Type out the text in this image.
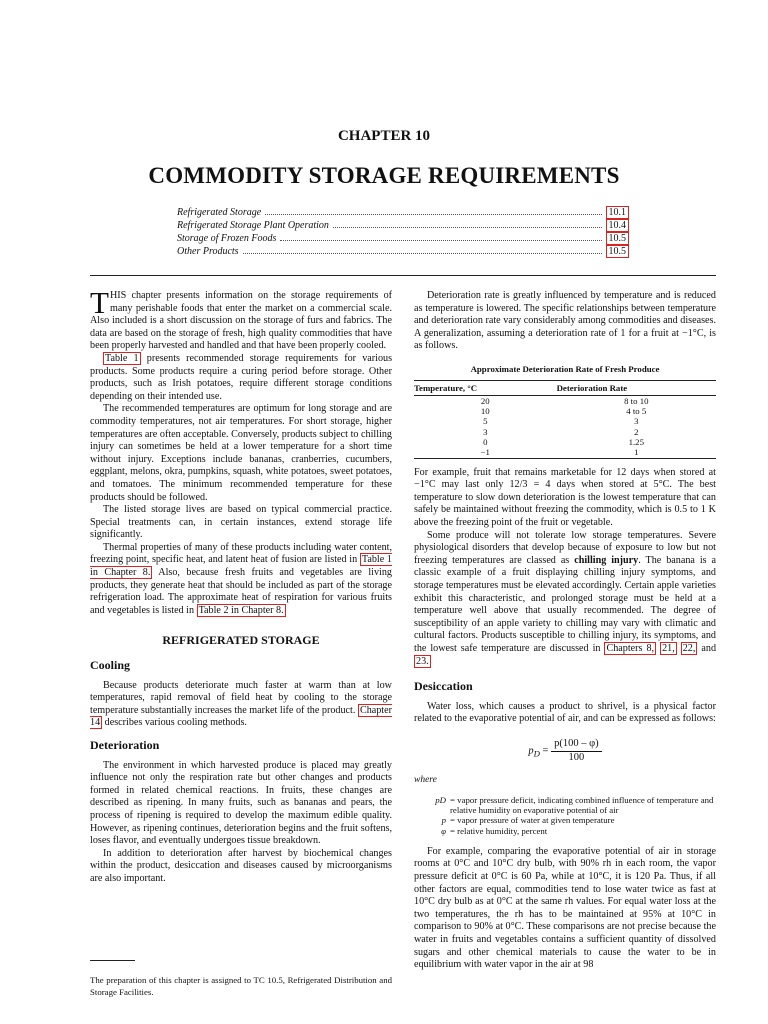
CHAPTER 10
COMMODITY STORAGE REQUIREMENTS
Refrigerated Storage	10.1
Refrigerated Storage Plant Operation	10.4
Storage of Frozen Foods	10.5
Other Products	10.5

THIS chapter presents information on the storage requirements of many perishable foods that enter the market on a commercial scale. Also included is a short discussion on the storage of furs and fabrics. The data are based on the storage of fresh, high quality commodities that have been properly harvested and handled and that have been properly cooled.

Table 1 presents recommended storage requirements for various products. Some products require a curing period before storage. Other products, such as Irish potatoes, require different storage conditions depending on their intended use.

The recommended temperatures are optimum for long storage and are commodity temperatures, not air temperatures. For short storage, higher temperatures are often acceptable. Conversely, products subject to chilling injury can sometimes be held at a lower temperature for a short time without injury. Exceptions include bananas, cranberries, cucumbers, eggplant, melons, okra, pumpkins, squash, white potatoes, sweet potatoes, and tomatoes. The minimum recommended temperature for these products should be followed.

The listed storage lives are based on typical commercial practice. Special treatments can, in certain instances, extend storage life significantly.

Thermal properties of many of these products including water content, freezing point, specific heat, and latent heat of fusion are listed in Table 1 in Chapter 8. Also, because fresh fruits and vegetables are living products, they generate heat that should be included as part of the storage refrigeration load. The approximate heat of respiration for various fruits and vegetables is listed in Table 2 in Chapter 8.

REFRIGERATED STORAGE
Cooling

Because products deteriorate much faster at warm than at low temperatures, rapid removal of field heat by cooling to the storage temperature substantially increases the market life of the product. Chapter 14 describes various cooling methods.

Deterioration

The environment in which harvested produce is placed may greatly influence not only the respiration rate but other changes and products formed in related chemical reactions. In fruits, these changes are described as ripening. In many fruits, such as bananas and pears, the process of ripening is required to develop the maximum edible quality. However, as ripening continues, deterioration begins and the fruit softens, loses flavor, and eventually undergoes tissue breakdown.

In addition to deterioration after harvest by biochemical changes within the product, desiccation and diseases caused by microorganisms are also important.

The preparation of this chapter is assigned to TC 10.5, Refrigerated Distribution and Storage Facilities.

Deterioration rate is greatly influenced by temperature and is reduced as temperature is lowered. The specific relationships between temperature and deterioration rate vary considerably among commodities and diseases. A generalization, assuming a deterioration rate of 1 for a fruit at −1°C, is as follows.

Approximate Deterioration Rate of Fresh Produce
Temperature, °C	Deterioration Rate
20	8 to 10
10	4 to 5
5	3
3	2
0	1.25
−1	1

For example, fruit that remains marketable for 12 days when stored at −1°C may last only 12/3 = 4 days when stored at 5°C. The best temperature to slow down deterioration is the lowest temperature that can safely be maintained without freezing the commodity, which is 0.5 to 1 K above the freezing point of the fruit or vegetable.

Some produce will not tolerate low storage temperatures. Severe physiological disorders that develop because of exposure to low but not freezing temperatures are classed as chilling injury. The banana is a classic example of a fruit displaying chilling injury symptoms, and storage temperatures must be elevated accordingly. Certain apple varieties exhibit this characteristic, and prolonged storage must be held at a temperature well above that usually recommended. The degree of susceptibility of an apple variety to chilling may vary with climatic and cultural factors. Products susceptible to chilling injury, its symptoms, and the lowest safe temperature are discussed in Chapters 8, 21, 22, and 23.

Desiccation

Water loss, which causes a product to shrivel, is a physical factor related to the evaporative potential of air, and can be expressed as follows:

$p_D = \frac{p(100 - \varphi)}{100}$
where
pD = vapor pressure deficit, indicating combined influence of temperature and relative humidity on evaporative potential of air
p = vapor pressure of water at given temperature
φ = relative humidity, percent

For example, comparing the evaporative potential of air in storage rooms at 0°C and 10°C dry bulb, with 90% rh in each room, the vapor pressure deficit at 0°C is 60 Pa, while at 10°C, it is 120 Pa. Thus, if all other factors are equal, commodities tend to lose water twice as fast at 10°C dry bulb as at 0°C at the same rh values. For equal water loss at the two temperatures, the rh has to be maintained at 95% at 10°C in comparison to 90% at 0°C. These comparisons are not precise because the water in fruits and vegetables contains a sufficient quantity of dissolved sugars and other chemical materials to cause the water to be in equilibrium with water vapor in the air at 98
